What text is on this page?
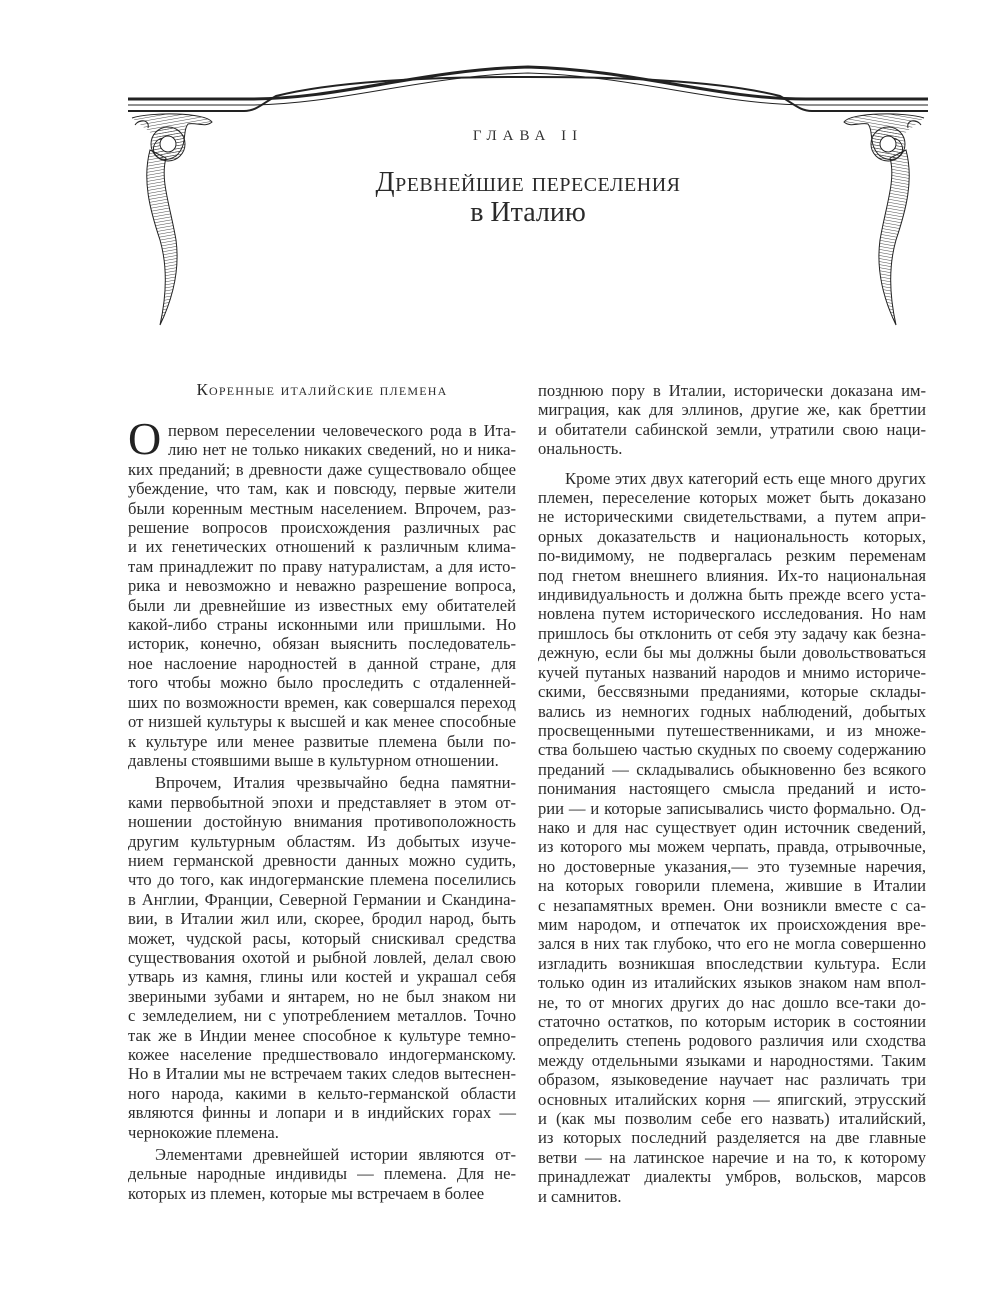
ГЛАВА II
Древнейшие переселения
в Италию
Коренные италийские племена
О первом переселении человеческого рода в Ита-
лию нет не только никаких сведений, но и ника-
ких преданий; в древности даже существовало общее
убеждение, что там, как и повсюду, первые жители
были коренным местным населением. Впрочем, раз-
решение вопросов происхождения различных рас
и их генетических отношений к различным клима-
там принадлежит по праву натуралистам, а для исто-
рика и невозможно и неважно разрешение вопроса,
были ли древнейшие из известных ему обитателей
какой-либо страны исконными или пришлыми. Но
историк, конечно, обязан выяснить последователь-
ное наслоение народностей в данной стране, для
того чтобы можно было проследить с отдаленней-
ших по возможности времен, как совершался переход
от низшей культуры к высшей и как менее способные
к культуре или менее развитые племена были по-
давлены стоявшими выше в культурном отношении.
Впрочем, Италия чрезвычайно бедна памятни-
ками первобытной эпохи и представляет в этом от-
ношении достойную внимания противоположность
другим культурным областям. Из добытых изуче-
нием германской древности данных можно судить,
что до того, как индогерманские племена поселились
в Англии, Франции, Северной Германии и Скандина-
вии, в Италии жил или, скорее, бродил народ, быть
может, чудской расы, который снискивал средства
существования охотой и рыбной ловлей, делал свою
утварь из камня, глины или костей и украшал себя
звериными зубами и янтарем, но не был знаком ни
с земледелием, ни с употреблением металлов. Точно
так же в Индии менее способное к культуре темно-
кожее население предшествовало индогерманскому.
Но в Италии мы не встречаем таких следов вытеснен-
ного народа, какими в кельто-германской области
являются финны и лопари и в индийских горах —
чернокожие племена.
Элементами древнейшей истории являются от-
дельные народные индивиды — племена. Для не-
которых из племен, которые мы встречаем в более
позднюю пору в Италии, исторически доказана им-
миграция, как для эллинов, другие же, как бреттии
и обитатели сабинской земли, утратили свою наци-
ональность.
Кроме этих двух категорий есть еще много других
племен, переселение которых может быть доказано
не историческими свидетельствами, а путем апри-
орных доказательств и национальность которых,
по-видимому, не подвергалась резким переменам
под гнетом внешнего влияния. Их-то национальная
индивидуальность и должна быть прежде всего уста-
новлена путем исторического исследования. Но нам
пришлось бы отклонить от себя эту задачу как безна-
дежную, если бы мы должны были довольствоваться
кучей путаных названий народов и мнимо историче-
скими, бессвязными преданиями, которые склады-
вались из немногих годных наблюдений, добытых
просвещенными путешественниками, и из множе-
ства большею частью скудных по своему содержанию
преданий — складывались обыкновенно без всякого
понимания настоящего смысла преданий и исто-
рии — и которые записывались чисто формально. Од-
нако и для нас существует один источник сведений,
из которого мы можем черпать, правда, отрывочные,
но достоверные указания,— это туземные наречия,
на которых говорили племена, жившие в Италии
с незапамятных времен. Они возникли вместе с са-
мим народом, и отпечаток их происхождения вре-
зался в них так глубоко, что его не могла совершенно
изгладить возникшая впоследствии культура. Если
только один из италийских языков знаком нам впол-
не, то от многих других до нас дошло все-таки до-
статочно остатков, по которым историк в состоянии
определить степень родового различия или сходства
между отдельными языками и народностями. Таким
образом, языковедение научает нас различать три
основных италийских корня — япигский, этрусский
и (как мы позволим себе его назвать) италийский,
из которых последний разделяется на две главные
ветви — на латинское наречие и на то, к которому
принадлежат диалекты умбров, вольсков, марсов
и самнитов.
